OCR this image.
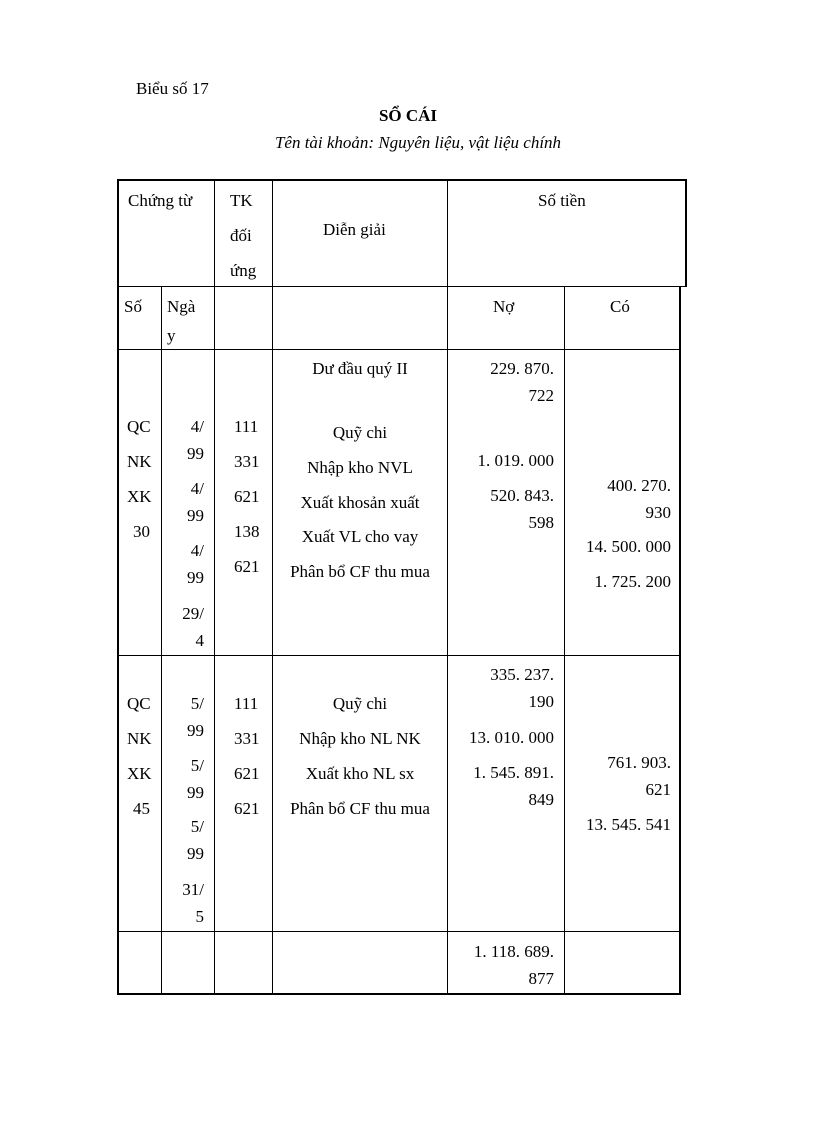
Biểu số 17
SỔ CÁI
Tên tài khoản: Nguyên liệu, vật liệu chính
Chứng từ TK
đối
ứng
Diễn giải
Số tiền
Số Ngà
y
Nợ	Có
Dư đầu quý II	229. 870.
722
QC
NK
XK
30
4/
99
4/
99
4/
99
29/
4
111
331
621
138
621
Quỹ chi
Nhập kho NVL
Xuất khosản xuất
Xuất VL cho vay
Phân bổ CF thu mua
1. 019. 000
520. 843.
598
400. 270.
930
14. 500. 000
1. 725. 200
335. 237.
190
QC
NK
XK
45
5/
99
5/
99
5/
99
31/
5
111
331
621
621
Quỹ chi
Nhập kho NL NK
Xuất kho NL sx
Phân bổ CF thu mua
13. 010. 000
1. 545. 891.
849
761. 903.
621
13. 545. 541
1. 118. 689.
877
